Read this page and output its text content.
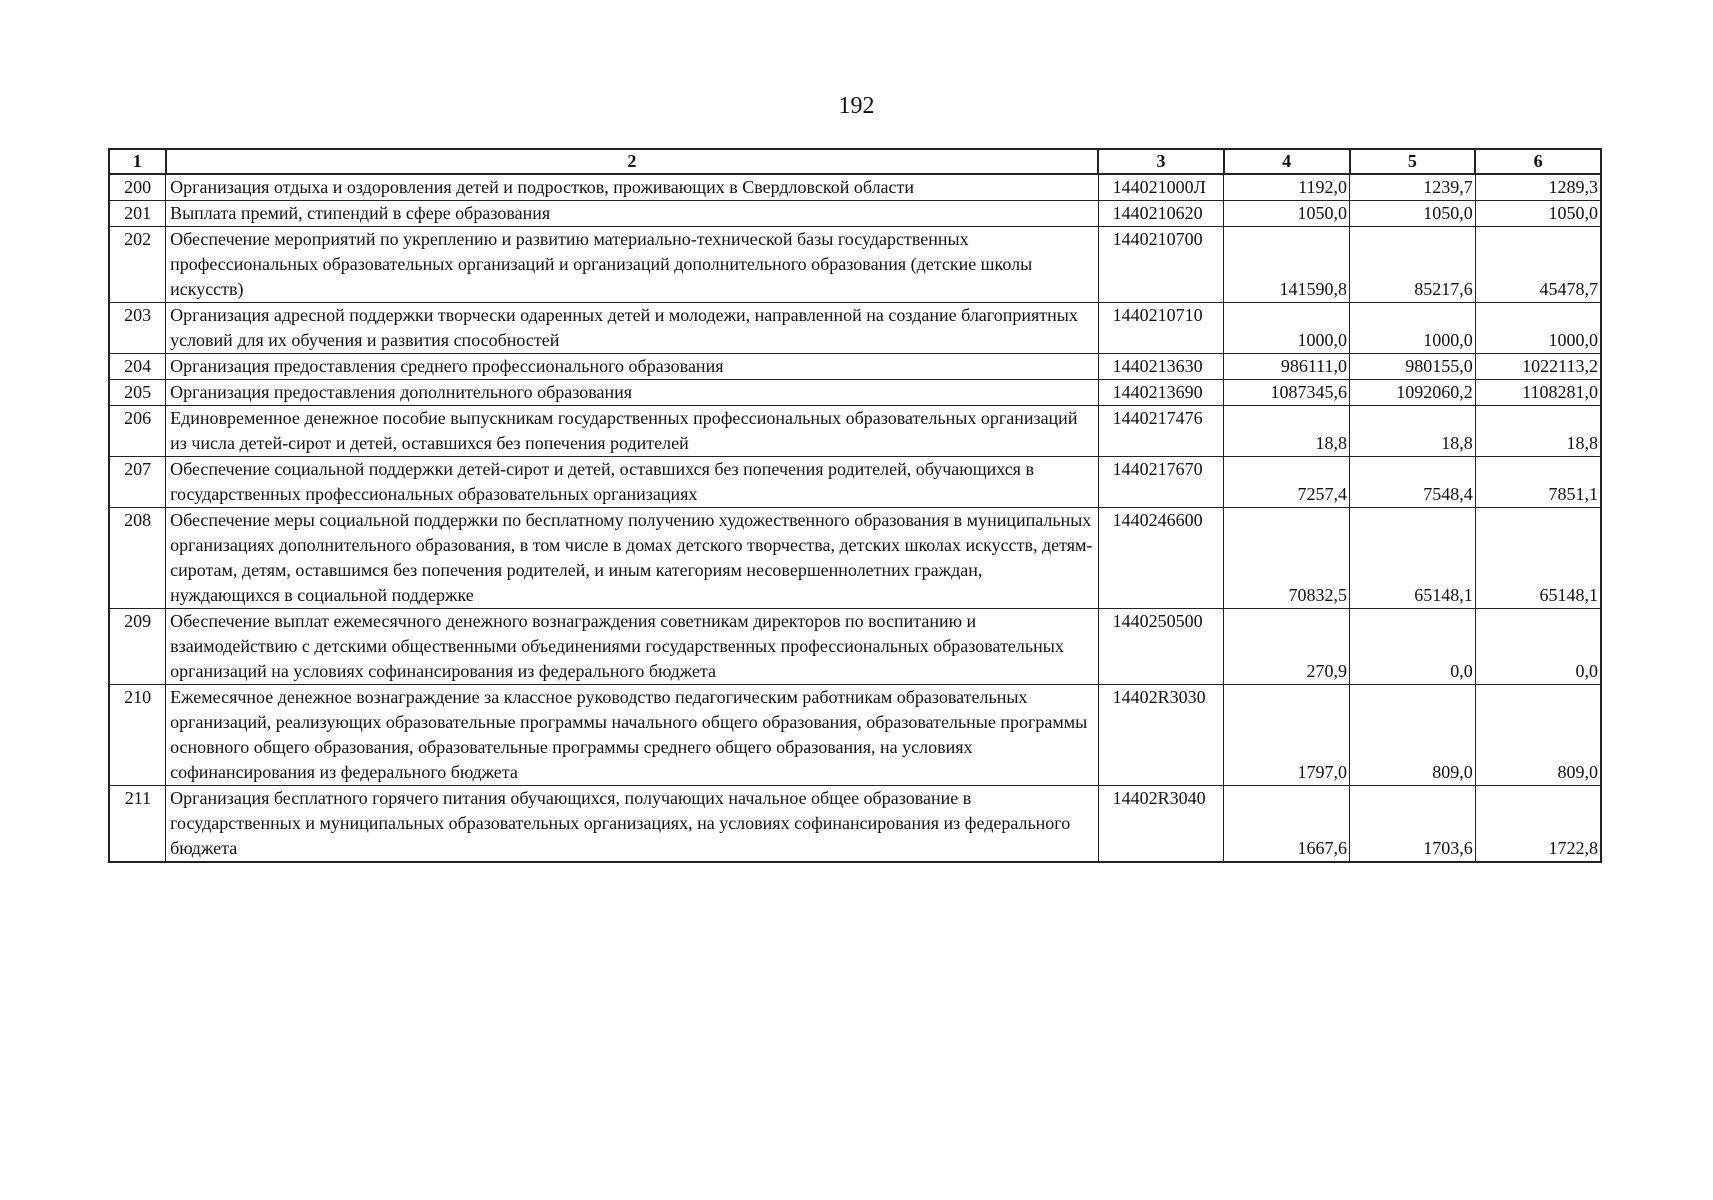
192
1	2	3	4	5	6
200	Организация отдыха и оздоровления детей и подростков, проживающих в Свердловской области	144021000Л	1192,0	1239,7	1289,3
201	Выплата премий, стипендий в сфере образования	1440210620	1050,0	1050,0	1050,0
202	Обеспечение мероприятий по укреплению и развитию материально-технической базы государственных профессиональных образовательных организаций и организаций дополнительного образования (детские школы искусств)	1440210700	141590,8	85217,6	45478,7
203	Организация адресной поддержки творчески одаренных детей и молодежи, направленной на создание благоприятных условий для их обучения и развития способностей	1440210710	1000,0	1000,0	1000,0
204	Организация предоставления среднего профессионального образования	1440213630	986111,0	980155,0	1022113,2
205	Организация предоставления дополнительного образования	1440213690	1087345,6	1092060,2	1108281,0
206	Единовременное денежное пособие выпускникам государственных профессиональных образовательных организаций из числа детей-сирот и детей, оставшихся без попечения родителей	1440217476	18,8	18,8	18,8
207	Обеспечение социальной поддержки детей-сирот и детей, оставшихся без попечения родителей, обучающихся в государственных профессиональных образовательных организациях	1440217670	7257,4	7548,4	7851,1
208	Обеспечение меры социальной поддержки по бесплатному получению художественного образования в муниципальных организациях дополнительного образования, в том числе в домах детского творчества, детских школах искусств, детям-сиротам, детям, оставшимся без попечения родителей, и иным категориям несовершеннолетних граждан, нуждающихся в социальной поддержке	1440246600	70832,5	65148,1	65148,1
209	Обеспечение выплат ежемесячного денежного вознаграждения советникам директоров по воспитанию и взаимодействию с детскими общественными объединениями государственных профессиональных образовательных организаций на условиях софинансирования из федерального бюджета	1440250500	270,9	0,0	0,0
210	Ежемесячное денежное вознаграждение за классное руководство педагогическим работникам образовательных организаций, реализующих образовательные программы начального общего образования, образовательные программы основного общего образования, образовательные программы среднего общего образования, на условиях софинансирования из федерального бюджета	14402R3030	1797,0	809,0	809,0
211	Организация бесплатного горячего питания обучающихся, получающих начальное общее образование в государственных и муниципальных образовательных организациях, на условиях софинансирования из федерального бюджета	14402R3040	1667,6	1703,6	1722,8
